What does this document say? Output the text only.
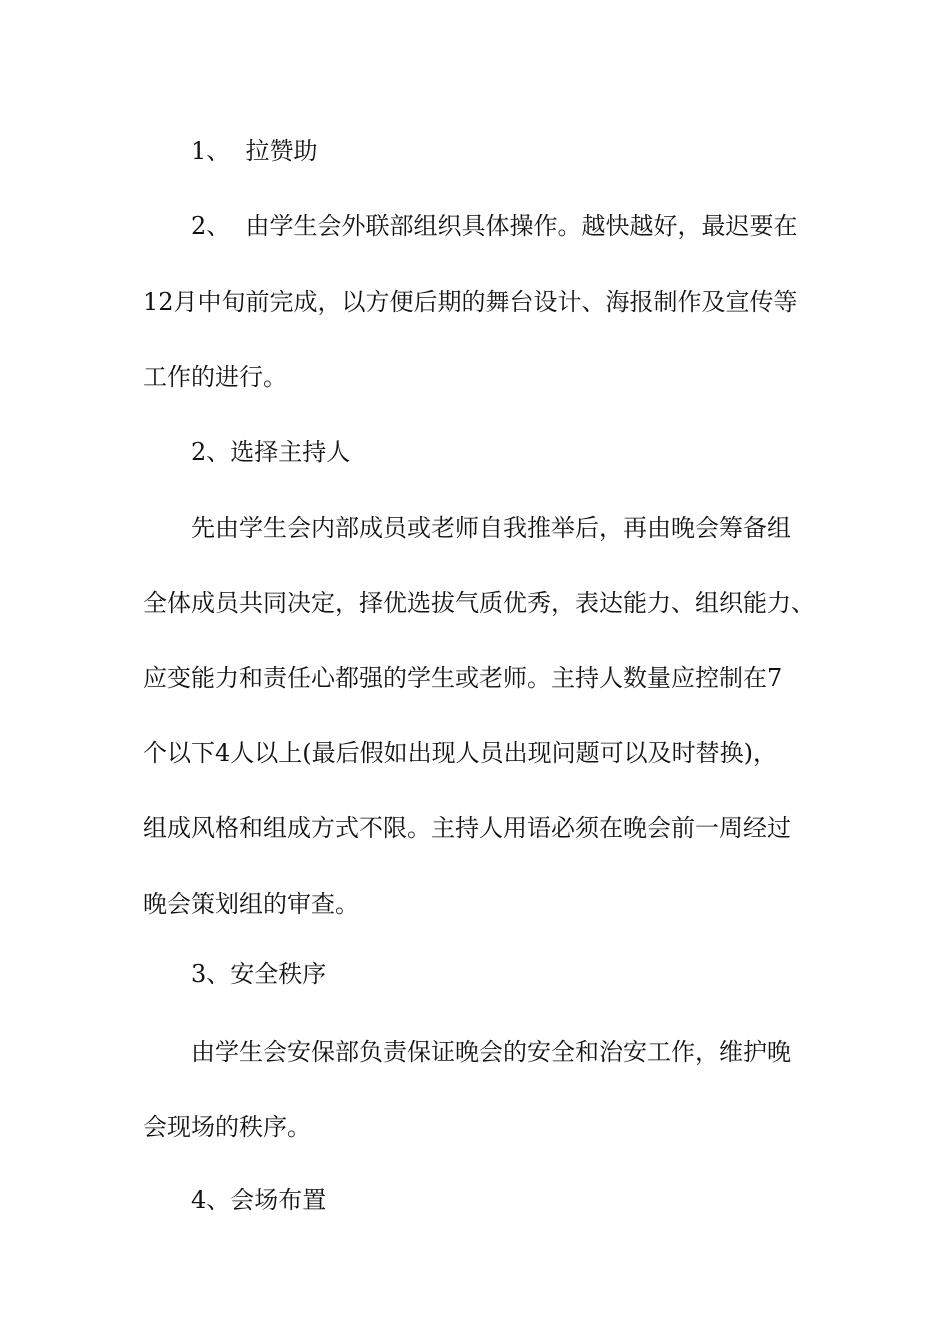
1、  拉赞助
2、  由学生会外联部组织具体操作。越快越好，最迟要在
12月中旬前完成，以方便后期的舞台设计、海报制作及宣传等
工作的进行。
2、选择主持人
先由学生会内部成员或老师自我推举后，再由晚会筹备组
全体成员共同决定，择优选拔气质优秀，表达能力、组织能力、
应变能力和责任心都强的学生或老师。主持人数量应控制在7
个以下4人以上(最后假如出现人员出现问题可以及时替换)，
组成风格和组成方式不限。主持人用语必须在晚会前一周经过
晚会策划组的审查。
3、安全秩序
由学生会安保部负责保证晚会的安全和治安工作，维护晚
会现场的秩序。
4、会场布置
